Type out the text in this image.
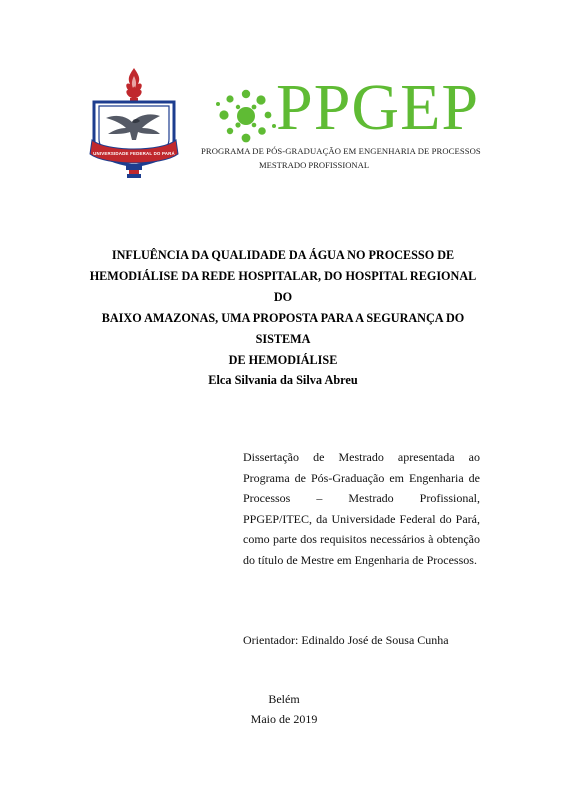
UNIVERSIDADE FEDERAL DO PARÁ
PPGEP
PROGRAMA DE PÓS-GRADUAÇÃO EM ENGENHARIA DE PROCESSOS
MESTRADO PROFISSIONAL
INFLUÊNCIA DA QUALIDADE DA ÁGUA NO PROCESSO DE
HEMODIÁLISE DA REDE HOSPITALAR, DO HOSPITAL REGIONAL DO
BAIXO AMAZONAS, UMA PROPOSTA PARA A SEGURANÇA DO SISTEMA
DE HEMODIÁLISE

Elca Silvania da Silva Abreu

Dissertação de Mestrado apresentada ao Programa de Pós-Graduação em Engenharia de Processos – Mestrado Profissional, PPGEP/ITEC, da Universidade Federal do Pará, como parte dos requisitos necessários à obtenção do título de Mestre em Engenharia de Processos.

Orientador: Edinaldo José de Sousa Cunha

Belém

Maio de 2019
